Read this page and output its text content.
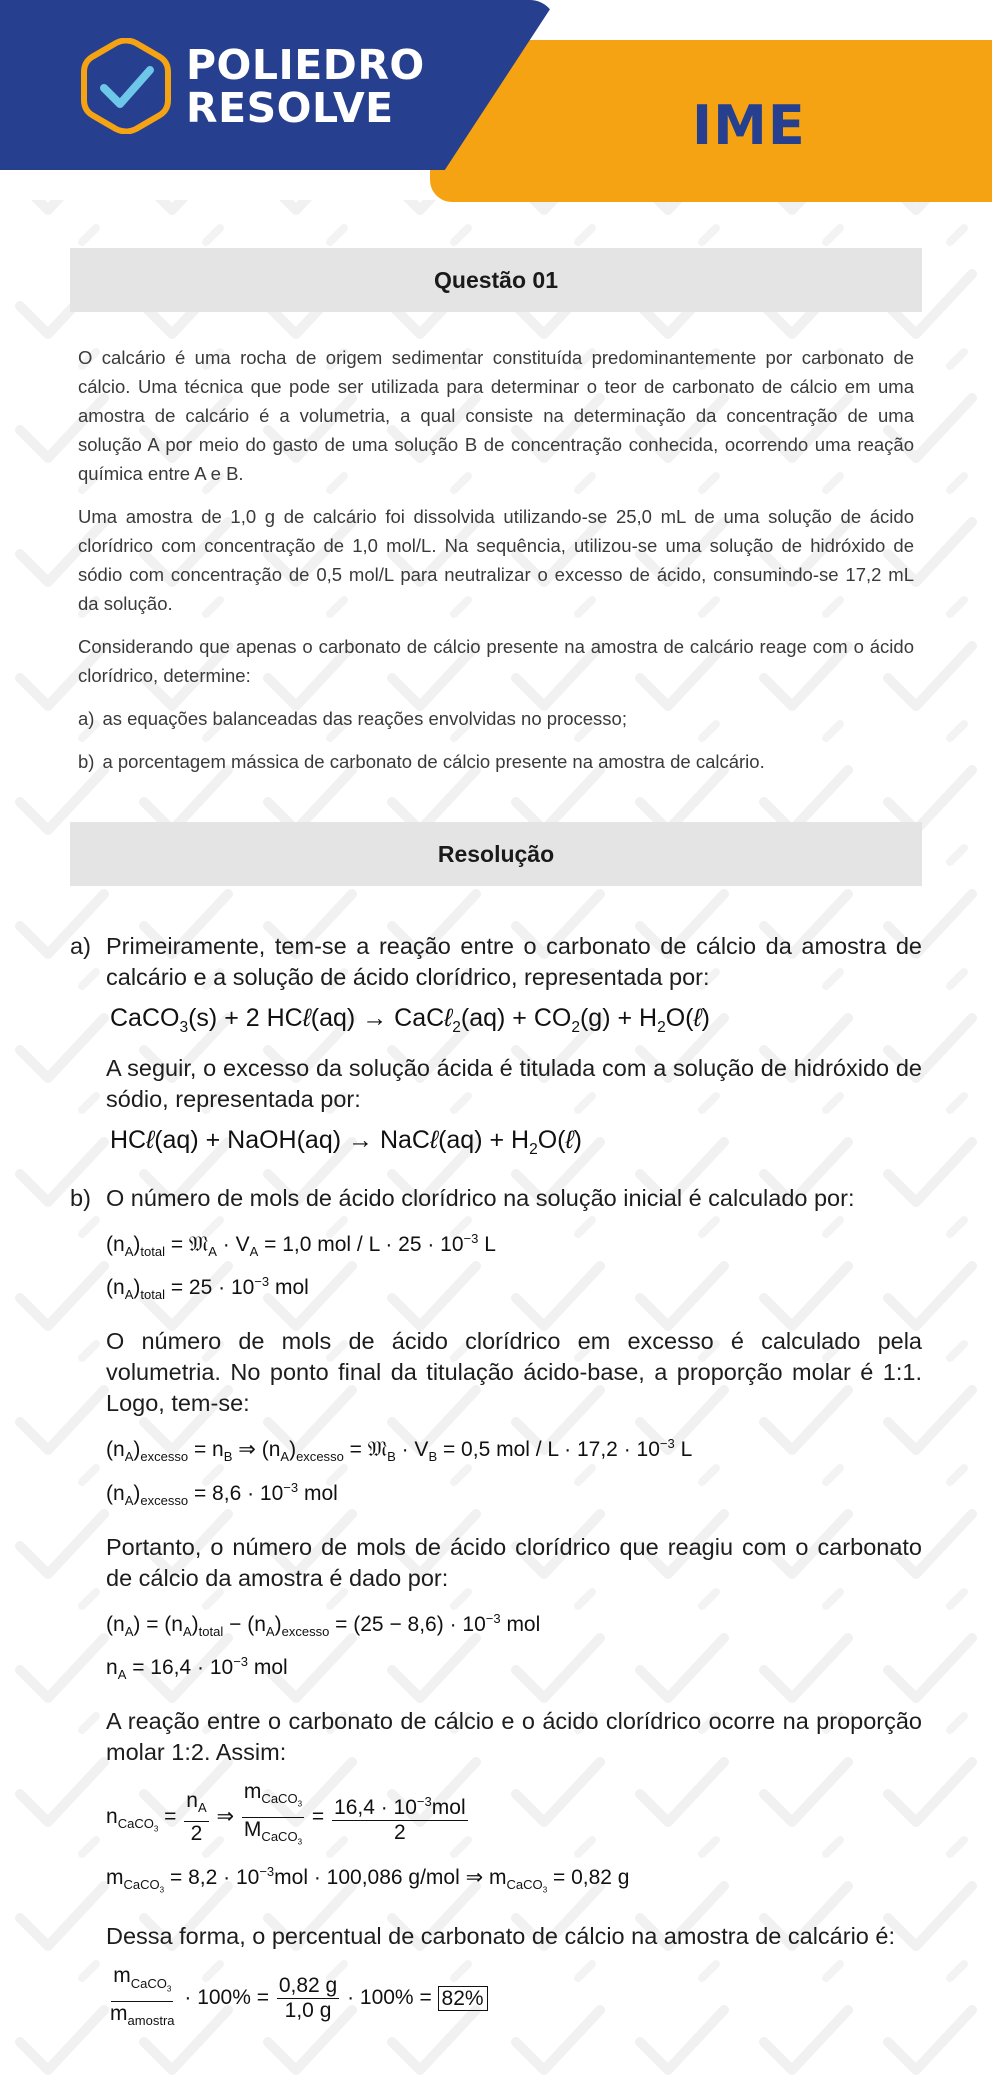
POLIEDRO
RESOLVE	IME
Questão 01

O calcário é uma rocha de origem sedimentar constituída predominantemente por carbonato de cálcio. Uma técnica que pode ser utilizada para determinar o teor de carbonato de cálcio em uma amostra de calcário é a volumetria, a qual consiste na determinação da concentração de uma solução A por meio do gasto de uma solução B de concentração conhecida, ocorrendo uma reação química entre A e B.

Uma amostra de 1,0 g de calcário foi dissolvida utilizando-se 25,0 mL de uma solução de ácido clorídrico com concentração de 1,0 mol/L. Na sequência, utilizou-se uma solução de hidróxido de sódio com concentração de 0,5 mol/L para neutralizar o excesso de ácido, consumindo-se 17,2 mL da solução.

Considerando que apenas o carbonato de cálcio presente na amostra de calcário reage com o ácido clorídrico, determine:

a) as equações balanceadas das reações envolvidas no processo;
b) a porcentagem mássica de carbonato de cálcio presente na amostra de calcário.
Resolução
a) Primeiramente, tem-se a reação entre o carbonato de cálcio da amostra de calcário e a solução de ácido clorídrico, representada por:
CaCO$_3$(s) + 2 HCℓ(aq) → CaCℓ$_2$(aq) + $CO_2(g)$ + $H_2O(\ell)$
A seguir, o excesso da solução ácida é titulada com a solução de hidróxido de sódio, representada por:
HCℓ(aq) + NaOH(aq) → NaCℓ(aq) + $H_2O(\ell)$
b) O número de mols de ácido clorídrico na solução inicial é calculado por:
$(n_A)_{total}$ = 𝔐$_A$ · $V_A = 1,0$ mol / $L \cdot 25 \cdot 10^{-3}$ L
$(n_A)_{total} = 25 \cdot 10^{-3}$ mol
O número de mols de ácido clorídrico em excesso é calculado pela volumetria. No ponto final da titulação ácido-base, a proporção molar é 1:1. Logo, tem-se:
$(n_A)_{excesso} = n_B$ ⇒ $(n_A)_{excesso}$ = 𝔐$_B$ · $V_B = 0,5$ mol / $L \cdot 17,2 \cdot 10^{-3}$ L
$(n_A)_{excesso} = 8,6 \cdot 10^{-3}$ mol
Portanto, o número de mols de ácido clorídrico que reagiu com o carbonato de cálcio da amostra é dado por:
$(n_A) = (n_A)_{total} - (n_A)_{excesso} = (25 - 8,6) \cdot 10^{-3}$ mol
$n_A = 16,4 \cdot 10^{-3}$ mol
A reação entre o carbonato de cálcio e o ácido clorídrico ocorre na proporção molar 1:2. Assim:
$n_{CaCO_3} = \frac{n_A}{2}$ ⇒ $\frac{m_{CaCO_3}}{M_{CaCO_3}} = \frac{16,4 \cdot 10^{-3}mol}{2}$
$m_{CaCO_3} = 8,2 \cdot 10^{-3}mol \cdot 100,086$ g/mol ⇒ $m_{CaCO_3} = 0,82$ g
Dessa forma, o percentual de carbonato de cálcio na amostra de calcário é:
$\frac{m_{CaCO_3}}{m_{amostra}} \cdot 100\% = \frac{0,82 g}{1,0 g} \cdot 100\% = 82\%$
